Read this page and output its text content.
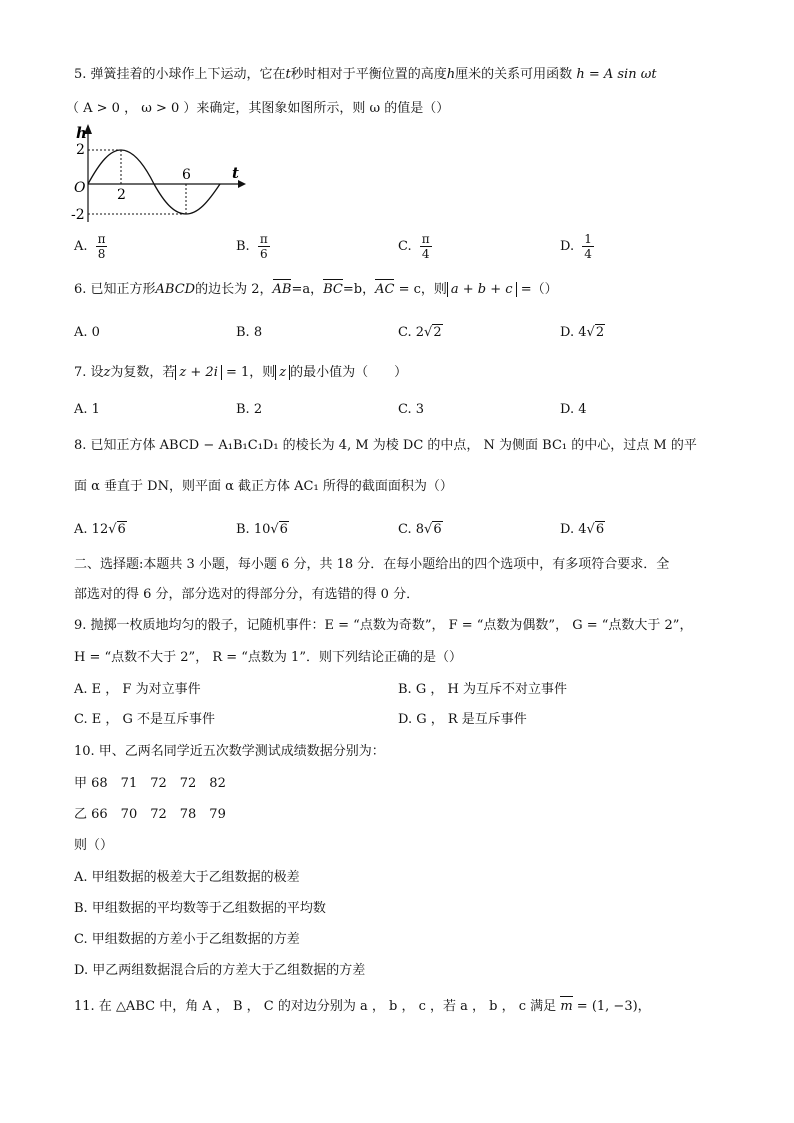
5. 弹簧挂着的小球作上下运动，它在t秒时相对于平衡位置的高度h厘米的关系可用函数 h = A sin ωt
（ A > 0 ， ω > 0 ）来确定，其图象如图所示，则 ω 的值是（）
h
t
O
2
-2
2
6
A. $\frac{\pi}{8}$	B. $\frac{\pi}{6}$	C. $\frac{\pi}{4}$	D. $\frac{1}{4}$
6. 已知正方形ABCD的边长为 2，AB=a，BC=b，AC = c，则 a + b + c =（）
A. 0	B. 8	C. 2√2	D. 4√2
7. 设z为复数，若 z + 2i = 1，则 z 的最小值为（　　）
A. 1	B. 2	C. 3	D. 4
8. 已知正方体 ABCD − A₁B₁C₁D₁ 的棱长为 4, M 为棱 DC 的中点， N 为侧面 BC₁ 的中心，过点 M 的平
面 α 垂直于 DN，则平面 α 截正方体 AC₁ 所得的截面面积为（）
A. 12√6	B. 10√6	C. 8√6	D. 4√6
二、选择题:本题共 3 小题，每小题 6 分，共 18 分．在每小题给出的四个选项中，有多项符合要求．全
部选对的得 6 分，部分选对的得部分分，有选错的得 0 分．
9. 抛掷一枚质地均匀的骰子，记随机事件：E = “点数为奇数”， F = “点数为偶数”， G = “点数大于 2”，
H = “点数不大于 2”， R = “点数为 1”．则下列结论正确的是（）
A. E ， F 为对立事件	B. G ， H 为互斥不对立事件
C. E ， G 不是互斥事件	D. G ， R 是互斥事件
10. 甲、乙两名同学近五次数学测试成绩数据分别为：
甲 68　71　72　72　82
乙 66　70　72　78　79
则（）
A. 甲组数据的极差大于乙组数据的极差
B. 甲组数据的平均数等于乙组数据的平均数
C. 甲组数据的方差小于乙组数据的方差
D. 甲乙两组数据混合后的方差大于乙组数据的方差
11. 在 △ABC 中，角 A ， B ， C 的对边分别为 a ， b ， c ，若 a ， b ， c 满足 m = (1, −3)，
